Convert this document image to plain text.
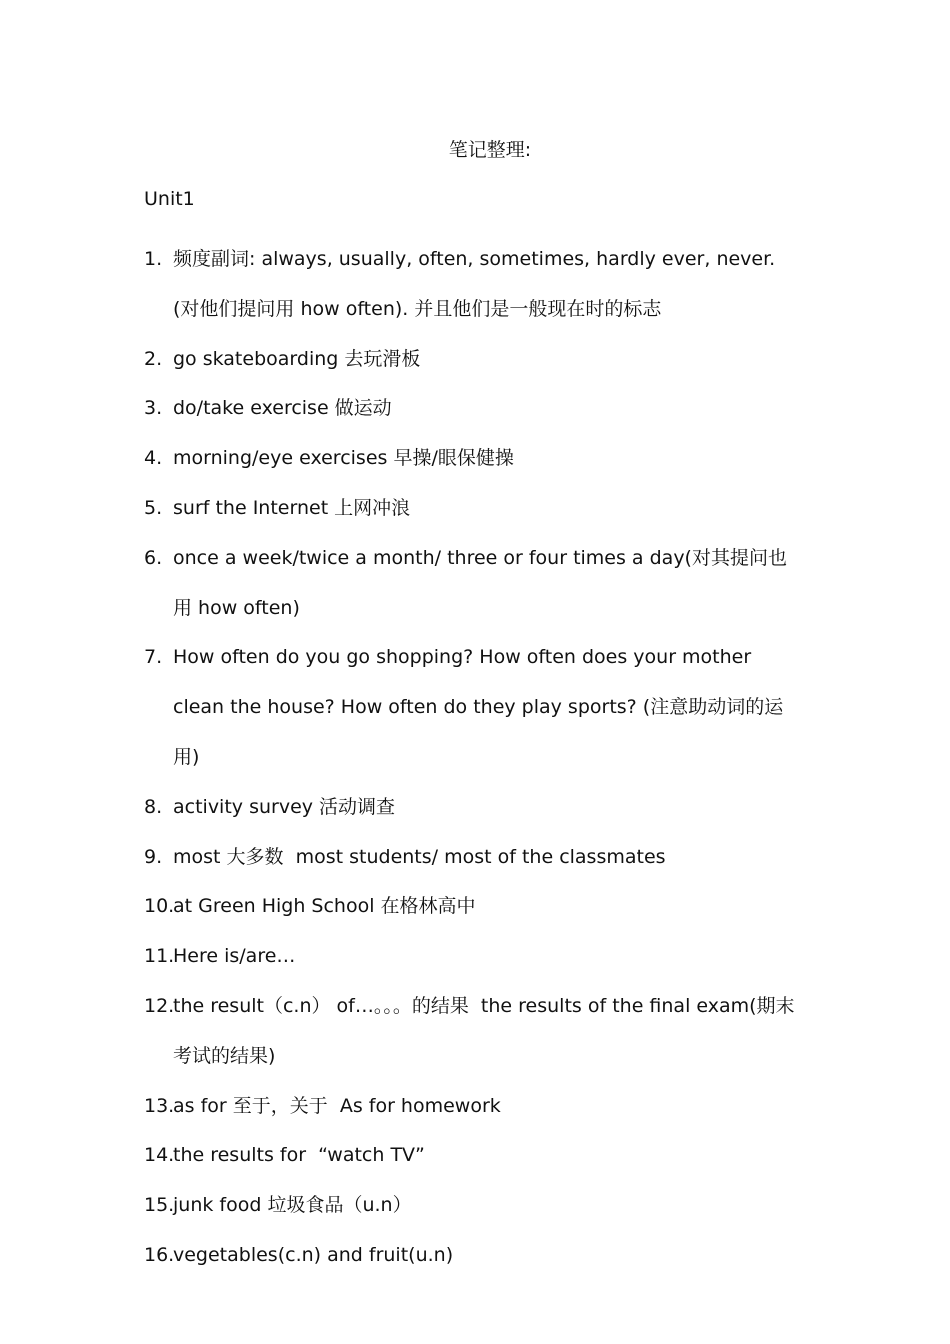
笔记整理:
Unit1
1. 频度副词: always, usually, often, sometimes, hardly ever, never. (对他们提问用 how often). 并且他们是一般现在时的标志
2. go skateboarding 去玩滑板
3. do/take exercise 做运动
4. morning/eye exercises 早操/眼保健操
5. surf the Internet 上网冲浪
6. once a week/twice a month/ three or four times a day(对其提问也用 how often)
7. How often do you go shopping? How often does your mother clean the house? How often do they play sports? (注意助动词的运用)
8. activity survey 活动调查
9. most 大多数  most students/ most of the classmates
10.
at Green High School 在格林高中
11.
Here is/are…
12.
the result（c.n） of…。。。的结果  the results of the final exam(期末考试的结果)
13.
as for 至于，关于  As for homework
14.
the results for  “watch TV”
15.
junk food 垃圾食品（u.n）
16.
vegetables(c.n) and fruit(u.n)
